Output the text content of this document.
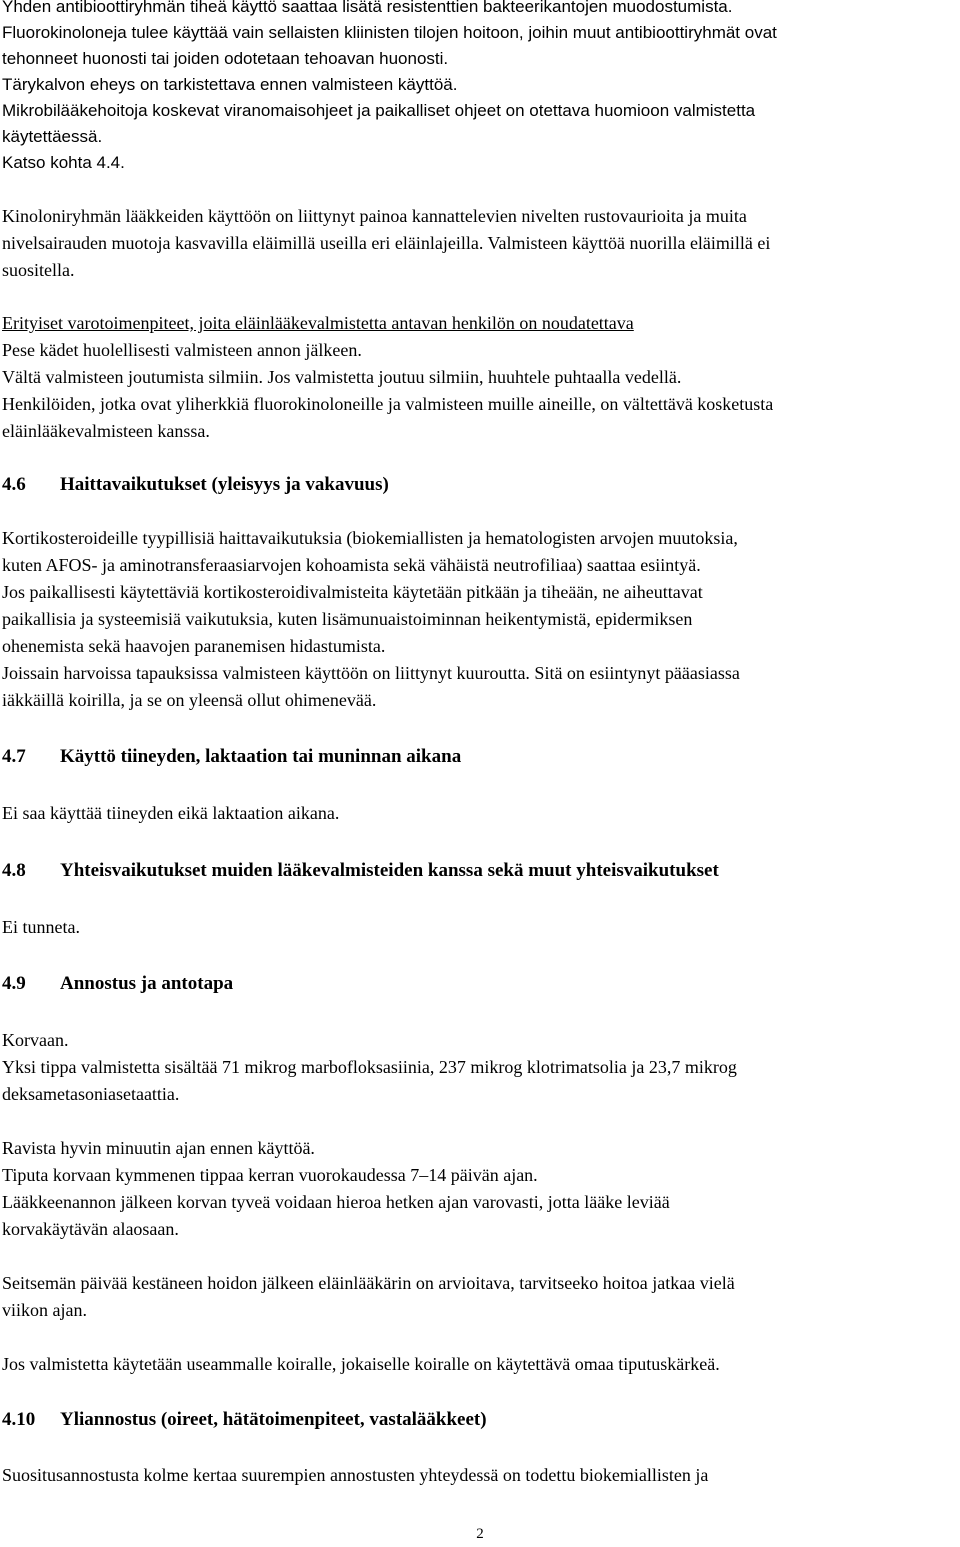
Yhden antibioottiryhmän tiheä käyttö saattaa lisätä resistenttien bakteerikantojen muodostumista.

Fluorokinoloneja tulee käyttää vain sellaisten kliinisten tilojen hoitoon, joihin muut antibioottiryhmät ovat

tehonneet huonosti tai joiden odotetaan tehoavan huonosti.

Tärykalvon eheys on tarkistettava ennen valmisteen käyttöä.

Mikrobilääkehoitoja koskevat viranomaisohjeet ja paikalliset ohjeet on otettava huomioon valmistetta

käytettäessä.

Katso kohta 4.4.

Kinoloniryhmän lääkkeiden käyttöön on liittynyt painoa kannattelevien nivelten rustovaurioita ja muita

nivelsairauden muotoja kasvavilla eläimillä useilla eri eläinlajeilla. Valmisteen käyttöä nuorilla eläimillä ei

suositella.

Erityiset varotoimenpiteet, joita eläinlääkevalmistetta antavan henkilön on noudatettava

Pese kädet huolellisesti valmisteen annon jälkeen.

Vältä valmisteen joutumista silmiin. Jos valmistetta joutuu silmiin, huuhtele puhtaalla vedellä.

Henkilöiden, jotka ovat yliherkkiä fluorokinoloneille ja valmisteen muille aineille, on vältettävä kosketusta

eläinlääkevalmisteen kanssa.

4.6 Haittavaikutukset (yleisyys ja vakavuus)

Kortikosteroideille tyypillisiä haittavaikutuksia (biokemiallisten ja hematologisten arvojen muutoksia,

kuten AFOS- ja aminotransferaasiarvojen kohoamista sekä vähäistä neutrofiliaa) saattaa esiintyä.

Jos paikallisesti käytettäviä kortikosteroidivalmisteita käytetään pitkään ja tiheään, ne aiheuttavat

paikallisia ja systeemisiä vaikutuksia, kuten lisämunuaistoiminnan heikentymistä, epidermiksen

ohenemista sekä haavojen paranemisen hidastumista.

Joissain harvoissa tapauksissa valmisteen käyttöön on liittynyt kuuroutta. Sitä on esiintynyt pääasiassa

iäkkäillä koirilla, ja se on yleensä ollut ohimenevää.

4.7 Käyttö tiineyden, laktaation tai muninnan aikana

Ei saa käyttää tiineyden eikä laktaation aikana.

4.8 Yhteisvaikutukset muiden lääkevalmisteiden kanssa sekä muut yhteisvaikutukset

Ei tunneta.

4.9 Annostus ja antotapa

Korvaan.

Yksi tippa valmistetta sisältää 71 mikrog marbofloksasiinia, 237 mikrog klotrimatsolia ja 23,7 mikrog

deksametasoniasetaattia.

Ravista hyvin minuutin ajan ennen käyttöä.

Tiputa korvaan kymmenen tippaa kerran vuorokaudessa 7–14 päivän ajan.

Lääkkeenannon jälkeen korvan tyveä voidaan hieroa hetken ajan varovasti, jotta lääke leviää

korvakäytävän alaosaan.

Seitsemän päivää kestäneen hoidon jälkeen eläinlääkärin on arvioitava, tarvitseeko hoitoa jatkaa vielä

viikon ajan.

Jos valmistetta käytetään useammalle koiralle, jokaiselle koiralle on käytettävä omaa tiputuskärkeä.

4.10 Yliannostus (oireet, hätätoimenpiteet, vastalääkkeet)

Suositusannostusta kolme kertaa suurempien annostusten yhteydessä on todettu biokemiallisten ja

2
